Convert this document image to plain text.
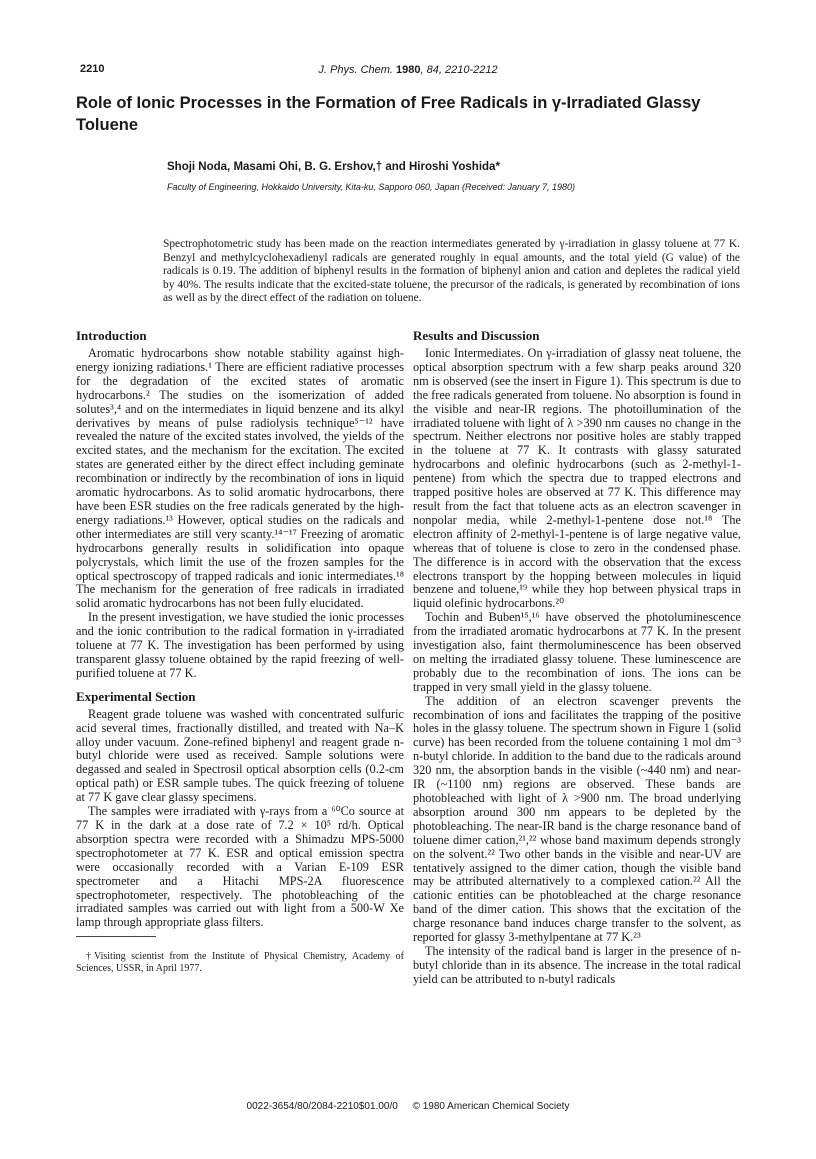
2210	J. Phys. Chem. 1980, 84, 2210-2212
Role of Ionic Processes in the Formation of Free Radicals in γ-Irradiated Glassy Toluene
Shoji Noda, Masami Ohi, B. G. Ershov,† and Hiroshi Yoshida*
Faculty of Engineering, Hokkaido University, Kita-ku, Sapporo 060, Japan (Received: January 7, 1980)

Spectrophotometric study has been made on the reaction intermediates generated by γ-irradiation in glassy toluene at 77 K. Benzyl and methylcyclohexadienyl radicals are generated roughly in equal amounts, and the total yield (G value) of the radicals is 0.19. The addition of biphenyl results in the formation of biphenyl anion and cation and depletes the radical yield by 40%. The results indicate that the excited-state toluene, the precursor of the radicals, is generated by recombination of ions as well as by the direct effect of the radiation on toluene.

Introduction

Aromatic hydrocarbons show notable stability against high-energy ionizing radiations.¹ There are efficient radiative processes for the degradation of the excited states of aromatic hydrocarbons.² The studies on the isomerization of added solutes³,⁴ and on the intermediates in liquid benzene and its alkyl derivatives by means of pulse radiolysis technique⁵⁻¹² have revealed the nature of the excited states involved, the yields of the excited states, and the mechanism for the excitation. The excited states are generated either by the direct effect including geminate recombination or indirectly by the recombination of ions in liquid aromatic hydrocarbons. As to solid aromatic hydrocarbons, there have been ESR studies on the free radicals generated by the high-energy radiations.¹³ However, optical studies on the radicals and other intermediates are still very scanty.¹⁴⁻¹⁷ Freezing of aromatic hydrocarbons generally results in solidification into opaque polycrystals, which limit the use of the frozen samples for the optical spectroscopy of trapped radicals and ionic intermediates.¹⁸ The mechanism for the generation of free radicals in irradiated solid aromatic hydrocarbons has not been fully elucidated.

In the present investigation, we have studied the ionic processes and the ionic contribution to the radical formation in γ-irradiated toluene at 77 K. The investigation has been performed by using transparent glassy toluene obtained by the rapid freezing of well-purified toluene at 77 K.

Experimental Section

Reagent grade toluene was washed with concentrated sulfuric acid several times, fractionally distilled, and treated with Na–K alloy under vacuum. Zone-refined biphenyl and reagent grade n-butyl chloride were used as received. Sample solutions were degassed and sealed in Spectrosil optical absorption cells (0.2-cm optical path) or ESR sample tubes. The quick freezing of toluene at 77 K gave clear glassy specimens.

The samples were irradiated with γ-rays from a ⁶⁰Co source at 77 K in the dark at a dose rate of 7.2 × 10⁵ rd/h. Optical absorption spectra were recorded with a Shimadzu MPS-5000 spectrophotometer at 77 K. ESR and optical emission spectra were occasionally recorded with a Varian E-109 ESR spectrometer and a Hitachi MPS-2A fluorescence spectrophotometer, respectively. The photobleaching of the irradiated samples was carried out with light from a 500-W Xe lamp through appropriate glass filters.

†Visiting scientist from the Institute of Physical Chemistry, Academy of Sciences, USSR, in April 1977.
Results and Discussion

Ionic Intermediates. On γ-irradiation of glassy neat toluene, the optical absorption spectrum with a few sharp peaks around 320 nm is observed (see the insert in Figure 1). This spectrum is due to the free radicals generated from toluene. No absorption is found in the visible and near-IR regions. The photoillumination of the irradiated toluene with light of λ >390 nm causes no change in the spectrum. Neither electrons nor positive holes are stably trapped in the toluene at 77 K. It contrasts with glassy saturated hydrocarbons and olefinic hydrocarbons (such as 2-methyl-1-pentene) from which the spectra due to trapped electrons and trapped positive holes are observed at 77 K. This difference may result from the fact that toluene acts as an electron scavenger in nonpolar media, while 2-methyl-1-pentene dose not.¹⁸ The electron affinity of 2-methyl-1-pentene is of large negative value, whereas that of toluene is close to zero in the condensed phase. The difference is in accord with the observation that the excess electrons transport by the hopping between molecules in liquid benzene and toluene,¹⁹ while they hop between physical traps in liquid olefinic hydrocarbons.²⁰

Tochin and Buben¹⁵,¹⁶ have observed the photoluminescence from the irradiated aromatic hydrocarbons at 77 K. In the present investigation also, faint thermoluminescence has been observed on melting the irradiated glassy toluene. These luminescence are probably due to the recombination of ions. The ions can be trapped in very small yield in the glassy toluene.

The addition of an electron scavenger prevents the recombination of ions and facilitates the trapping of the positive holes in the glassy toluene. The spectrum shown in Figure 1 (solid curve) has been recorded from the toluene containing 1 mol dm⁻³ n-butyl chloride. In addition to the band due to the radicals around 320 nm, the absorption bands in the visible (~440 nm) and near-IR (~1100 nm) regions are observed. These bands are photobleached with light of λ >900 nm. The broad underlying absorption around 300 nm appears to be depleted by the photobleaching. The near-IR band is the charge resonance band of toluene dimer cation,²¹,²² whose band maximum depends strongly on the solvent.²² Two other bands in the visible and near-UV are tentatively assigned to the dimer cation, though the visible band may be attributed alternatively to a complexed cation.²² All the cationic entities can be photobleached at the charge resonance band of the dimer cation. This shows that the excitation of the charge resonance band induces charge transfer to the solvent, as reported for glassy 3-methylpentane at 77 K.²³

The intensity of the radical band is larger in the presence of n-butyl chloride than in its absence. The increase in the total radical yield can be attributed to n-butyl radicals

0022-3654/80/2084-2210$01.00/0 © 1980 American Chemical Society
